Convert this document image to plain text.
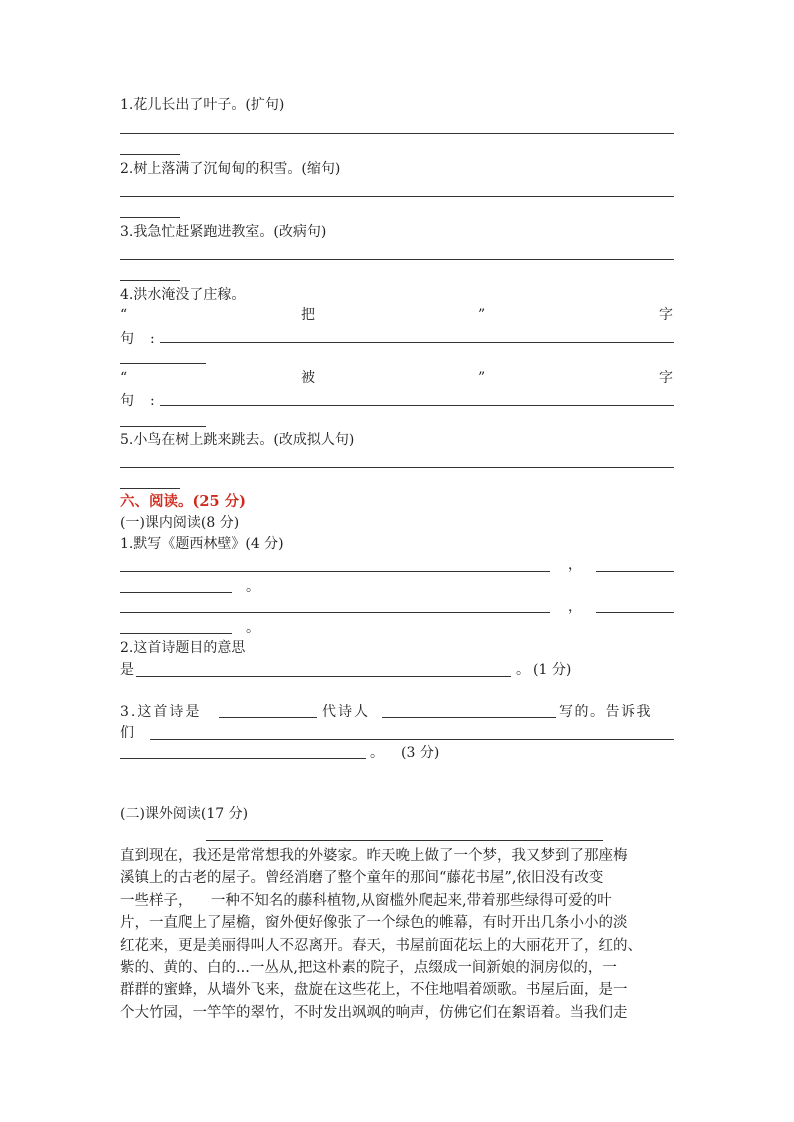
1.花儿长出了叶子。(扩句)
2.树上落满了沉甸甸的积雪。(缩句)
3.我急忙赶紧跑进教室。(改病句)
4.洪水淹没了庄稼。
“	把	”	字
句 :
“	被	”	字
句 :
5.小鸟在树上跳来跳去。(改成拟人句)
六、阅读。(25 分)
(一)课内阅读(8 分)
1.默写《题西林壁》(4 分)
，
。
，
。
2.这首诗题目的意思
是	。 (1 分)
3.这首诗是	代诗人	写的。告诉我
们
。 (3 分)
(二)课外阅读(17 分)
直到现在，我还是常常想我的外婆家。昨天晚上做了一个梦，我又梦到了那座梅
溪镇上的古老的屋子。曾经消磨了整个童年的那间“藤花书屋”,依旧没有改变
一些样子，    一种不知名的藤科植物,从窗槛外爬起来,带着那些绿得可爱的叶
片，一直爬上了屋檐，窗外便好像张了一个绿色的帷幕，有时开出几条小小的淡
红花来，更是美丽得叫人不忍离开。春天，书屋前面花坛上的大丽花开了，红的、
紫的、黄的、白的...一丛从,把这朴素的院子，点缀成一间新娘的洞房似的，一
群群的蜜蜂，从墙外飞来，盘旋在这些花上，不住地唱着颂歌。书屋后面，是一
个大竹园，一竿竿的翠竹，不时发出飒飒的响声，仿佛它们在絮语着。当我们走
